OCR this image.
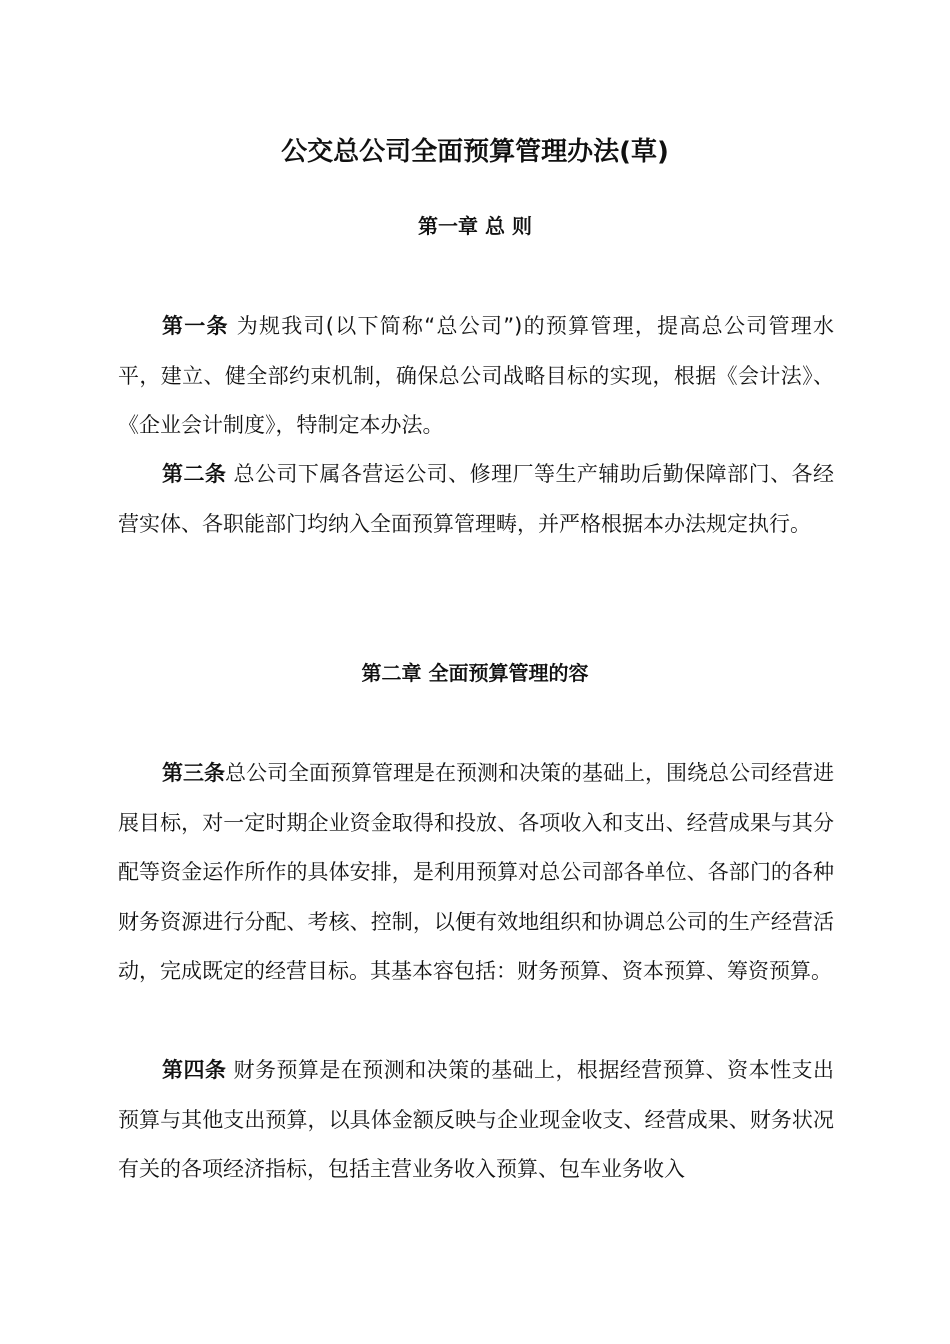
公交总公司全面预算管理办法(草)
第一章 总 则

第一条 为规我司(以下简称“总公司”)的预算管理，提高总公司管理水平，建立、健全部约束机制，确保总公司战略目标的实现，根据《会计法》、《企业会计制度》，特制定本办法。

第二条 总公司下属各营运公司、修理厂等生产辅助后勤保障部门、各经营实体、各职能部门均纳入全面预算管理畴，并严格根据本办法规定执行。

第二章 全面预算管理的容

第三条总公司全面预算管理是在预测和决策的基础上，围绕总公司经营进展目标，对一定时期企业资金取得和投放、各项收入和支出、经营成果与其分配等资金运作所作的具体安排，是利用预算对总公司部各单位、各部门的各种财务资源进行分配、考核、控制，以便有效地组织和协调总公司的生产经营活动，完成既定的经营目标。其基本容包括：财务预算、资本预算、筹资预算。

第四条 财务预算是在预测和决策的基础上，根据经营预算、资本性支出预算与其他支出预算，以具体金额反映与企业现金收支、经营成果、财务状况有关的各项经济指标，包括主营业务收入预算、包车业务收入
